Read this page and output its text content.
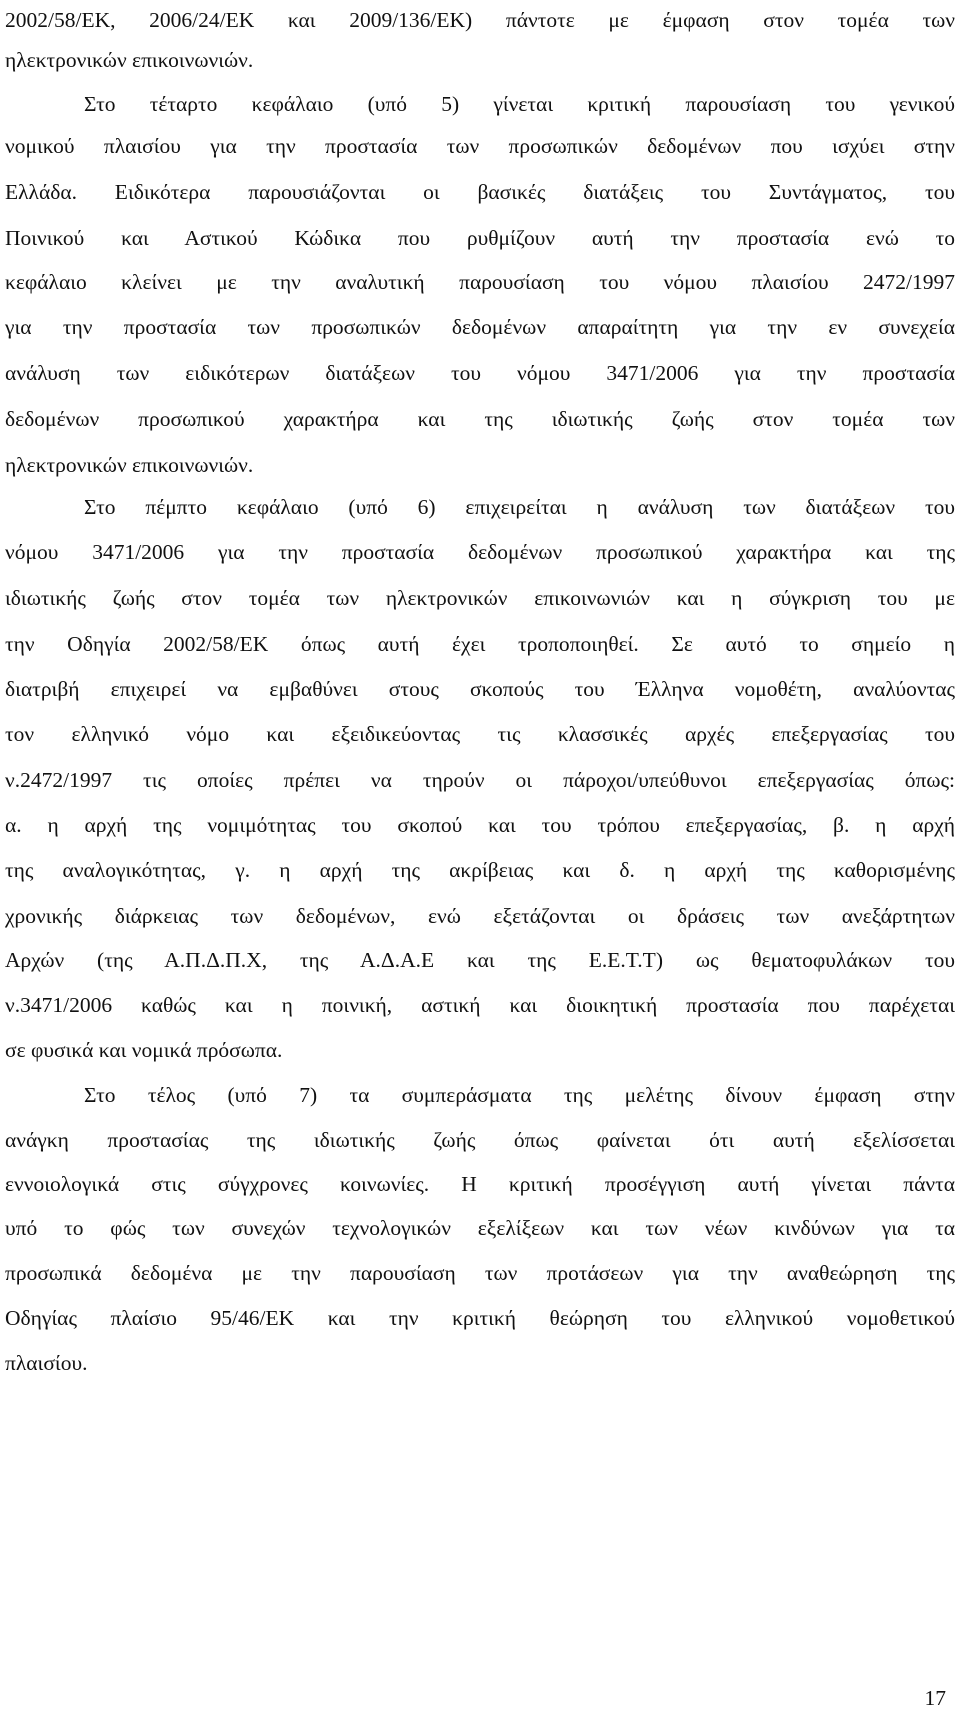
2002/58/ΕΚ, 2006/24/ΕΚ και 2009/136/ΕΚ) πάντοτε με έμφαση στον τομέα των

ηλεκτρονικών επικοινωνιών.

Στο τέταρτο κεφάλαιο (υπό 5) γίνεται κριτική παρουσίαση του γενικού

νομικού πλαισίου για την προστασία των προσωπικών δεδομένων που ισχύει στην

Ελλάδα. Ειδικότερα παρουσιάζονται οι βασικές διατάξεις του Συντάγματος, του

Ποινικού και Αστικού Κώδικα που ρυθμίζουν αυτή την προστασία ενώ το

κεφάλαιο κλείνει με την αναλυτική παρουσίαση του νόμου πλαισίου 2472/1997

για την προστασία των προσωπικών δεδομένων απαραίτητη για την εν συνεχεία

ανάλυση των ειδικότερων διατάξεων του νόμου 3471/2006 για την προστασία

δεδομένων προσωπικού χαρακτήρα και της ιδιωτικής ζωής στον τομέα των

ηλεκτρονικών επικοινωνιών.

Στο πέμπτο κεφάλαιο (υπό 6) επιχειρείται η ανάλυση των διατάξεων του

νόμου 3471/2006 για την προστασία δεδομένων προσωπικού χαρακτήρα και της

ιδιωτικής ζωής στον τομέα των ηλεκτρονικών επικοινωνιών και η σύγκριση του με

την Οδηγία 2002/58/ΕΚ όπως αυτή έχει τροποποιηθεί. Σε αυτό το σημείο η

διατριβή επιχειρεί να εμβαθύνει στους σκοπούς του Έλληνα νομοθέτη, αναλύοντας

τον ελληνικό νόμο και εξειδικεύοντας τις κλασσικές αρχές επεξεργασίας του

ν.2472/1997 τις οποίες πρέπει να τηρούν οι πάροχοι/υπεύθυνοι επεξεργασίας όπως:

α. η αρχή της νομιμότητας του σκοπού και του τρόπου επεξεργασίας, β. η αρχή

της αναλογικότητας, γ. η αρχή της ακρίβειας και δ. η αρχή της καθορισμένης

χρονικής διάρκειας των δεδομένων, ενώ εξετάζονται οι δράσεις των ανεξάρτητων

Αρχών (της Α.Π.Δ.Π.Χ, της Α.Δ.Α.Ε και της Ε.Ε.Τ.Τ) ως θεματοφυλάκων του

ν.3471/2006 καθώς και η ποινική, αστική και διοικητική προστασία που παρέχεται

σε φυσικά και νομικά πρόσωπα.

Στο τέλος (υπό 7) τα συμπεράσματα της μελέτης δίνουν έμφαση στην

ανάγκη προστασίας της ιδιωτικής ζωής όπως φαίνεται ότι αυτή εξελίσσεται

εννοιολογικά στις σύγχρονες κοινωνίες. Η κριτική προσέγγιση αυτή γίνεται πάντα

υπό το φώς των συνεχών τεχνολογικών εξελίξεων και των νέων κινδύνων για τα

προσωπικά δεδομένα με την παρουσίαση των προτάσεων για την αναθεώρηση της

Οδηγίας πλαίσιο 95/46/ΕΚ και την κριτική θεώρηση του ελληνικού νομοθετικού

πλαισίου.

17
